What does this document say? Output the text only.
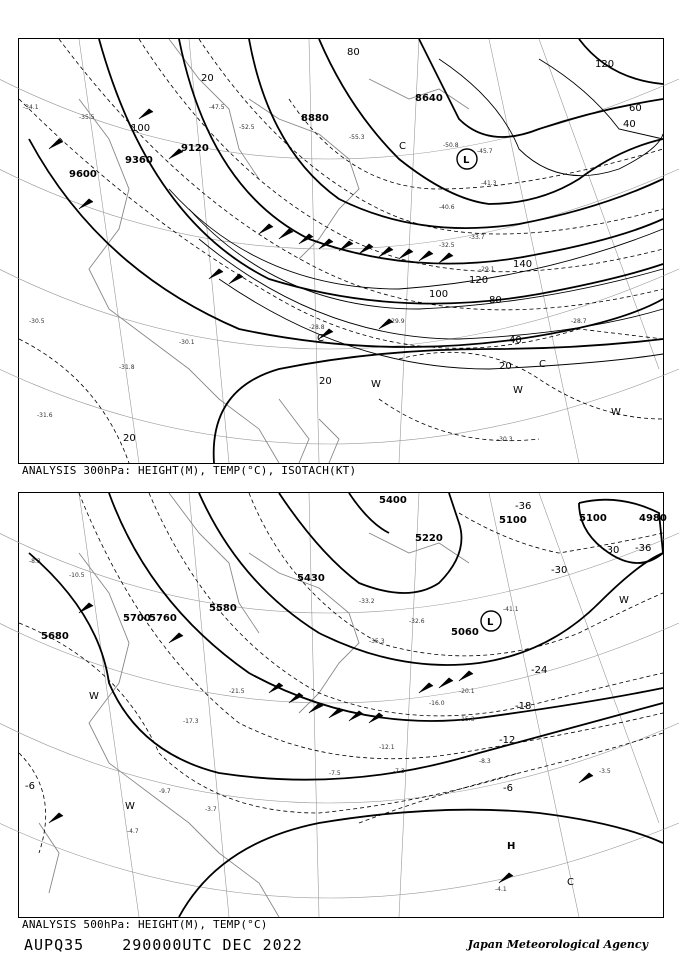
9600
9360
9120
8880
8640
20
20
20
20
40
40
60
80
80
100
100
120
120
140
L
C
C
C
W
W
W
-34.1
-35.5
-47.5
-52.5
-55.3
-50.8
-45.7
-41.3
-40.6
-33.7
-32.5
-29.1
-28.7
-30.5
-30.3
-31.6
-31.8
-29.9
-28.8
-30.1
ANALYSIS 300hPa: HEIGHT(M), TEMP(°C), ISOTACH(KT)
5700
5580
5430
5220
5100	4980
5400
5060
5100
5680
5760
-36
-36
-30
-24
-18
-12
-6
-6
-30
L
H
C
W
W
W
-8.3
-10.5
-21.5
-17.3
-33.2
-32.6
-35.3
-41.1
-20.1
-16.0
-15.3
-12.1
-7.3
-8.3
-3.5
-4.1
-4.7
-7.5
-9.7
-3.7
ANALYSIS 500hPa: HEIGHT(M), TEMP(°C)
AUPQ35	290000UTC DEC 2022	Japan Meteorological Agency
